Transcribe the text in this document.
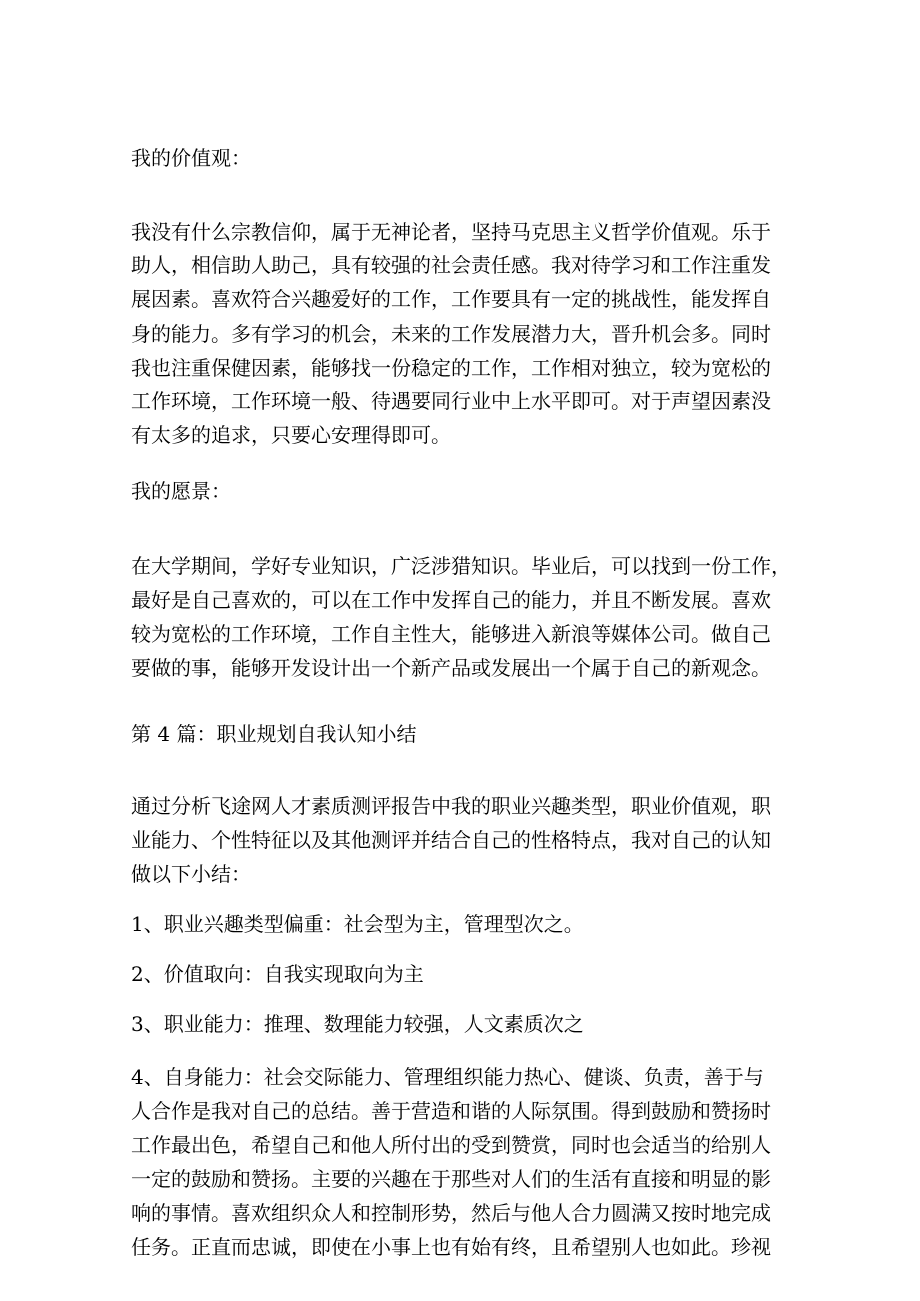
我的价值观：
我没有什么宗教信仰，属于无神论者，坚持马克思主义哲学价值观。乐于
助人，相信助人助己，具有较强的社会责任感。我对待学习和工作注重发
展因素。喜欢符合兴趣爱好的工作，工作要具有一定的挑战性，能发挥自
身的能力。多有学习的机会，未来的工作发展潜力大，晋升机会多。同时
我也注重保健因素，能够找一份稳定的工作，工作相对独立，较为宽松的
工作环境，工作环境一般、待遇要同行业中上水平即可。对于声望因素没
有太多的追求，只要心安理得即可。
我的愿景：
在大学期间，学好专业知识，广泛涉猎知识。毕业后，可以找到一份工作，
最好是自己喜欢的，可以在工作中发挥自己的能力，并且不断发展。喜欢
较为宽松的工作环境，工作自主性大，能够进入新浪等媒体公司。做自己
要做的事，能够开发设计出一个新产品或发展出一个属于自己的新观念。
第 4 篇：职业规划自我认知小结
通过分析飞途网人才素质测评报告中我的职业兴趣类型，职业价值观，职
业能力、个性特征以及其他测评并结合自己的性格特点，我对自己的认知
做以下小结：
1、职业兴趣类型偏重：社会型为主，管理型次之。
2、价值取向：自我实现取向为主
3、职业能力：推理、数理能力较强，人文素质次之
4、自身能力：社会交际能力、管理组织能力热心、健谈、负责，善于与
人合作是我对自己的总结。善于营造和谐的人际氛围。得到鼓励和赞扬时
工作最出色，希望自己和他人所付出的受到赞赏，同时也会适当的给别人
一定的鼓励和赞扬。主要的兴趣在于那些对人们的生活有直接和明显的影
响的事情。喜欢组织众人和控制形势，然后与他人合力圆满又按时地完成
任务。正直而忠诚，即使在小事上也有始有终，且希望别人也如此。珍视
